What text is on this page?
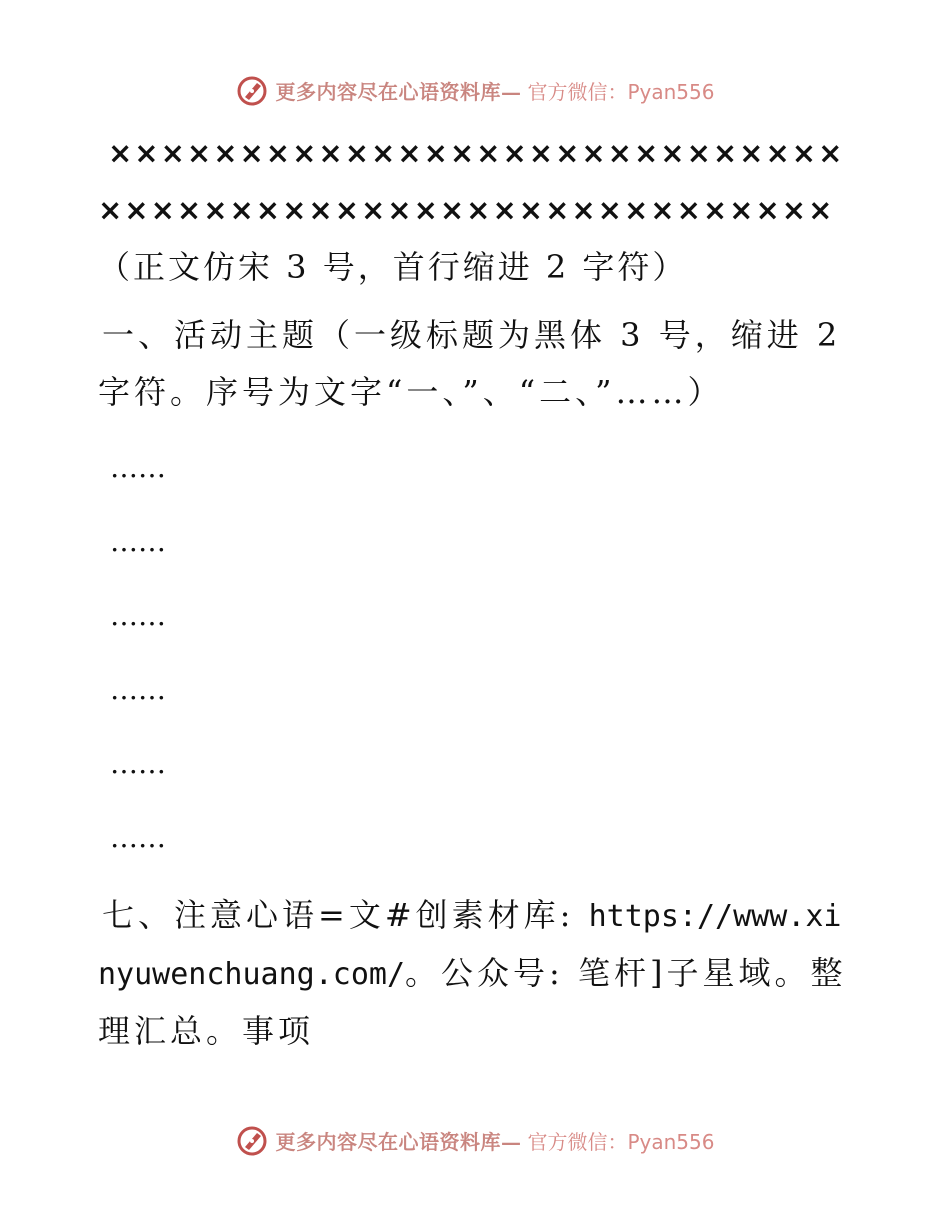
更多内容尽在心语资料库— 官方微信：Pyan556

××××××××××××××××××××××××××××××××××××××××××××××××××××××××（正文仿宋 3 号，首行缩进 2 字符）

一、活动主题（一级标题为黑体 3 号，缩进 2 字符。序号为文字“一、”、“二、”……）

……

……

……

……

……

……

七、注意心语=文#创素材库: https://www.xinyuwenchuang.com/。公众号: 笔杆]子星域。整理汇总。事项

更多内容尽在心语资料库— 官方微信：Pyan556
